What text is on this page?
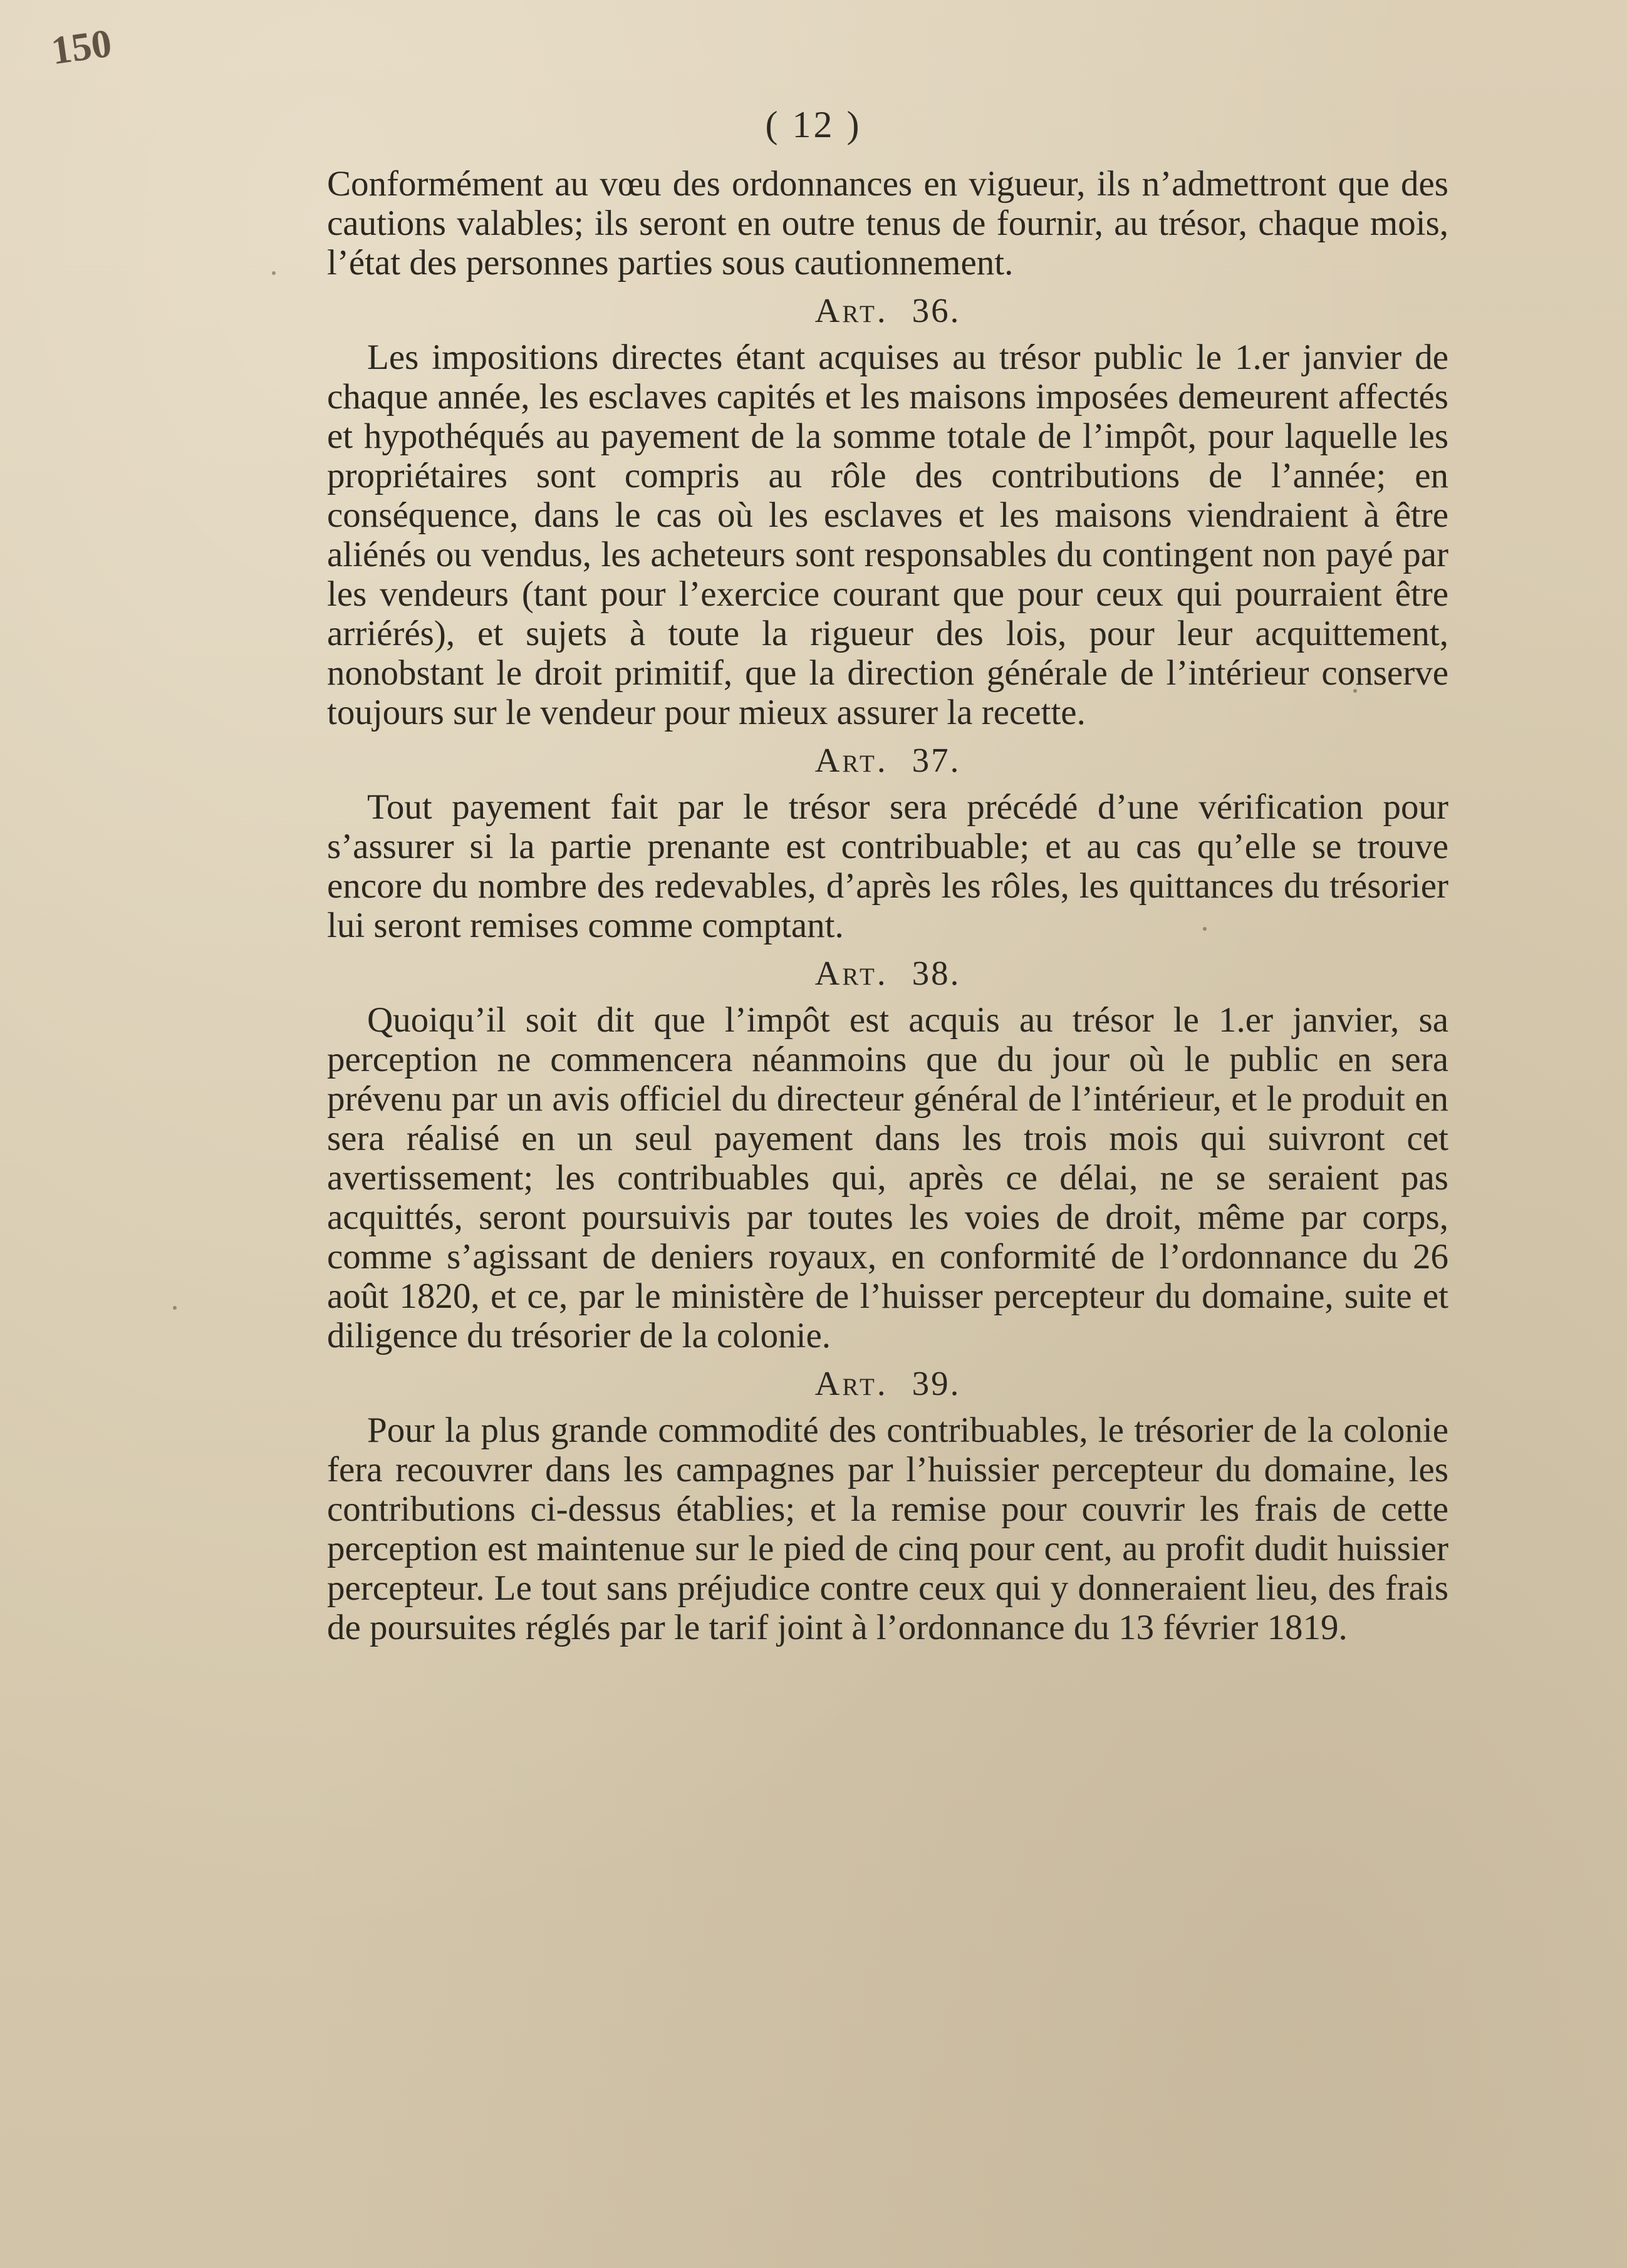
150
( 12 )

Conformément au vœu des ordonnances en vigueur, ils n’admettront que des cautions valables; ils seront en outre tenus de fournir, au trésor, chaque mois, l’état des personnes parties sous cautionnement.

Art. 36.

Les impositions directes étant acquises au trésor public le 1.er janvier de chaque année, les esclaves capités et les maisons imposées demeurent affectés et hypothéqués au payement de la somme totale de l’impôt, pour laquelle les propriétaires sont compris au rôle des contributions de l’année; en conséquence, dans le cas où les esclaves et les maisons viendraient à être aliénés ou vendus, les acheteurs sont responsables du contingent non payé par les vendeurs (tant pour l’exercice courant que pour ceux qui pourraient être arriérés), et sujets à toute la rigueur des lois, pour leur acquittement, nonobstant le droit primitif, que la direction générale de l’intérieur conserve toujours sur le vendeur pour mieux assurer la recette.

Art. 37.

Tout payement fait par le trésor sera précédé d’une vérification pour s’assurer si la partie prenante est contribuable; et au cas qu’elle se trouve encore du nombre des redevables, d’après les rôles, les quittances du trésorier lui seront remises comme comptant.

Art. 38.

Quoiqu’il soit dit que l’impôt est acquis au trésor le 1.er janvier, sa perception ne commencera néanmoins que du jour où le public en sera prévenu par un avis officiel du directeur général de l’intérieur, et le produit en sera réalisé en un seul payement dans les trois mois qui suivront cet avertissement; les contribuables qui, après ce délai, ne se seraient pas acquittés, seront poursuivis par toutes les voies de droit, même par corps, comme s’agissant de deniers royaux, en conformité de l’ordonnance du 26 août 1820, et ce, par le ministère de l’huisser percepteur du domaine, suite et diligence du trésorier de la colonie.

Art. 39.

Pour la plus grande commodité des contribuables, le trésorier de la colonie fera recouvrer dans les campagnes par l’huissier percepteur du domaine, les contributions ci-dessus établies; et la remise pour couvrir les frais de cette perception est maintenue sur le pied de cinq pour cent, au profit dudit huissier percepteur. Le tout sans préjudice contre ceux qui y donneraient lieu, des frais de poursuites réglés par le tarif joint à l’ordonnance du 13 février 1819.
